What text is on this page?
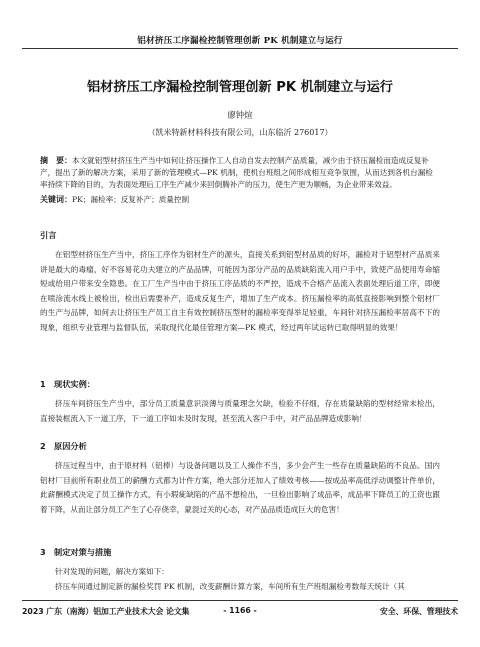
铝材挤压工序漏检控制管理创新 PK 机制建立与运行
铝材挤压工序漏检控制管理创新 PK 机制建立与运行
廖钟煊
（凯米特新材料科技有限公司，山东临沂 276017）
摘　要：本文就铝型材挤压生产当中如何让挤压操作工人自动自发去控制产品质量，减少由于挤压漏检而造成反复补产，提出了新的解决方案，采用了新的管理模式—PK 机制，使机台班组之间形成相互竞争氛围，从而达到各机台漏检率持续下降的目的，为表面处理后工序生产减少来回倒腾补产的压力，使生产更为顺畅，为企业带来效益。
关键词：PK；漏检率；反复补产；质量控制
引言
在铝型材挤压生产当中，挤压工序作为铝材生产的源头，直接关系到铝型材品质的好坏，漏检对于铝型材产品质来讲是最大的毒瘤，好不容易花功夫建立的产品品牌，可能因为部分产品的品质缺陷流入用户手中，致使产品使用寿命缩短或给用户带来安全隐患。在工厂生产当中由于挤压工序品质的不严控，造成不合格产品流入表面处理后道工序，即便在喷涂流水线上被检出，检出后需要补产，造成反复生产，增加了生产成本。挤压漏检率的高低直接影响到整个铝材厂的生产与品牌，如何去让挤压生产员工自主有效控制挤压型材的漏检率变得举足轻重，车间针对挤压漏检率居高不下的现象，组织专业管理与监督队伍，采取现代化最佳管理方案—PK 模式，经过两年试运转已取得明显的效果！
1 现状实例：
挤压车间挤压生产当中，部分员工质量意识淡薄与质量理念欠缺，检验不仔细，存在质量缺陷的型材经常未检出，直接装框流入下一道工序，下一道工序如未及时发现，甚至流入客户手中，对产品品牌造成影响！
2 原因分析
挤压过程当中，由于原材料（铝棒）与设备问题以及工人操作不当，多少会产生一些存在质量缺陷的不良品。国内铝材厂目前所有职业员工的薪酬方式都为计件方案，绝大部分还加入了绩效考核——按成品率高低浮动调整计件单价，此薪酬模式决定了员工操作方式，有小瑕疵缺陷的产品不想检出，一旦检出影响了成品率，成品率下降员工的工资也跟着下降，从而让部分员工产生了心存侥幸，蒙混过关的心态，对产品品质造成巨大的危害！
3 制定对策与措施
针对发现的问题，解决方案如下：
挤压车间通过制定新的漏检奖罚 PK 机制，改变薪酬计算方案，车间所有生产班组漏检考数每天统计（其
2023 广东（南海）铝加工产业技术大会 论文集	- 1166 -	安全、环保、管理技术
